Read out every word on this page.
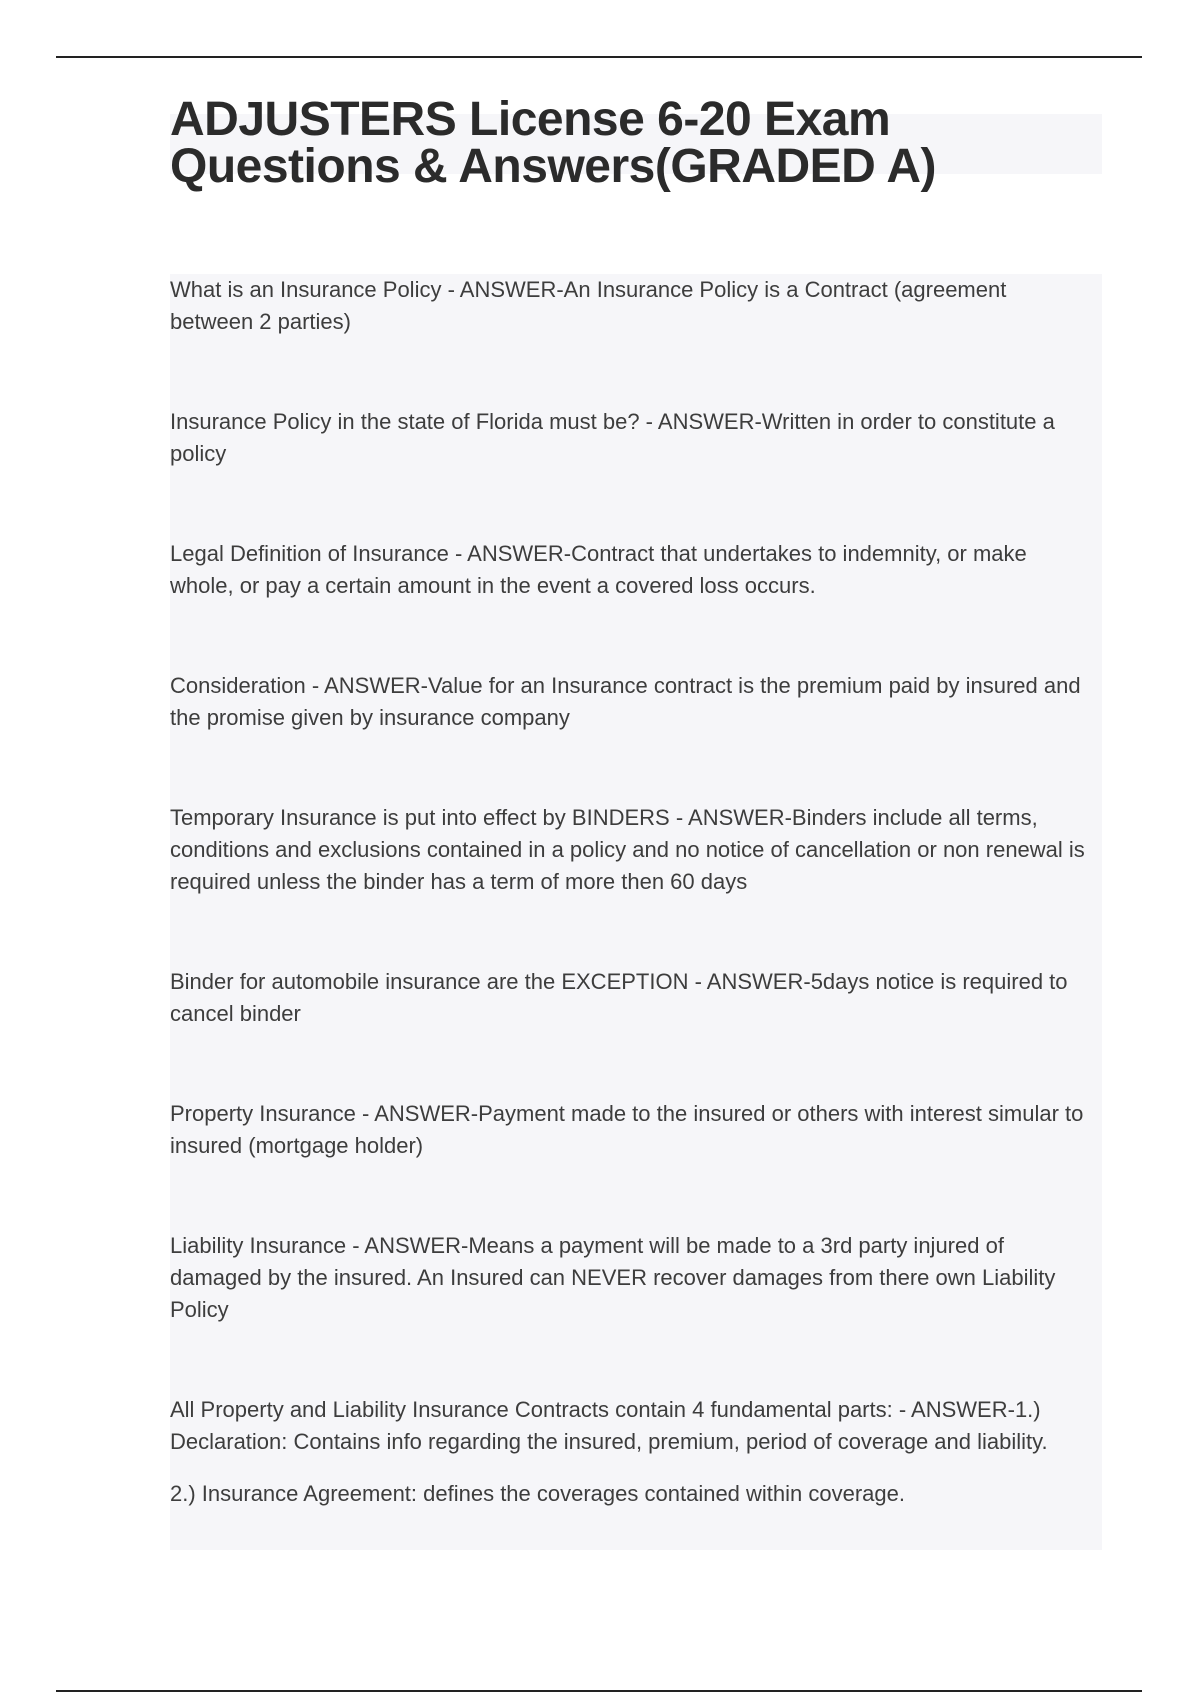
ADJUSTERS License 6-20 Exam Questions & Answers(GRADED A)

What is an Insurance Policy - ANSWER-An Insurance Policy is a Contract (agreement between 2 parties)

Insurance Policy in the state of Florida must be? - ANSWER-Written in order to constitute a policy

Legal Definition of Insurance - ANSWER-Contract that undertakes to indemnity, or make whole, or pay a certain amount in the event a covered loss occurs.

Consideration - ANSWER-Value for an Insurance contract is the premium paid by insured and the promise given by insurance company

Temporary Insurance is put into effect by BINDERS - ANSWER-Binders include all terms, conditions and exclusions contained in a policy and no notice of cancellation or non renewal is required unless the binder has a term of more then 60 days

Binder for automobile insurance are the EXCEPTION - ANSWER-5days notice is required to cancel binder

Property Insurance - ANSWER-Payment made to the insured or others with interest simular to insured (mortgage holder)

Liability Insurance - ANSWER-Means a payment will be made to a 3rd party injured of damaged by the insured. An Insured can NEVER recover damages from there own Liability Policy

All Property and Liability Insurance Contracts contain 4 fundamental parts: - ANSWER-1.) Declaration: Contains info regarding the insured, premium, period of coverage and liability.

2.) Insurance Agreement: defines the coverages contained within coverage.
